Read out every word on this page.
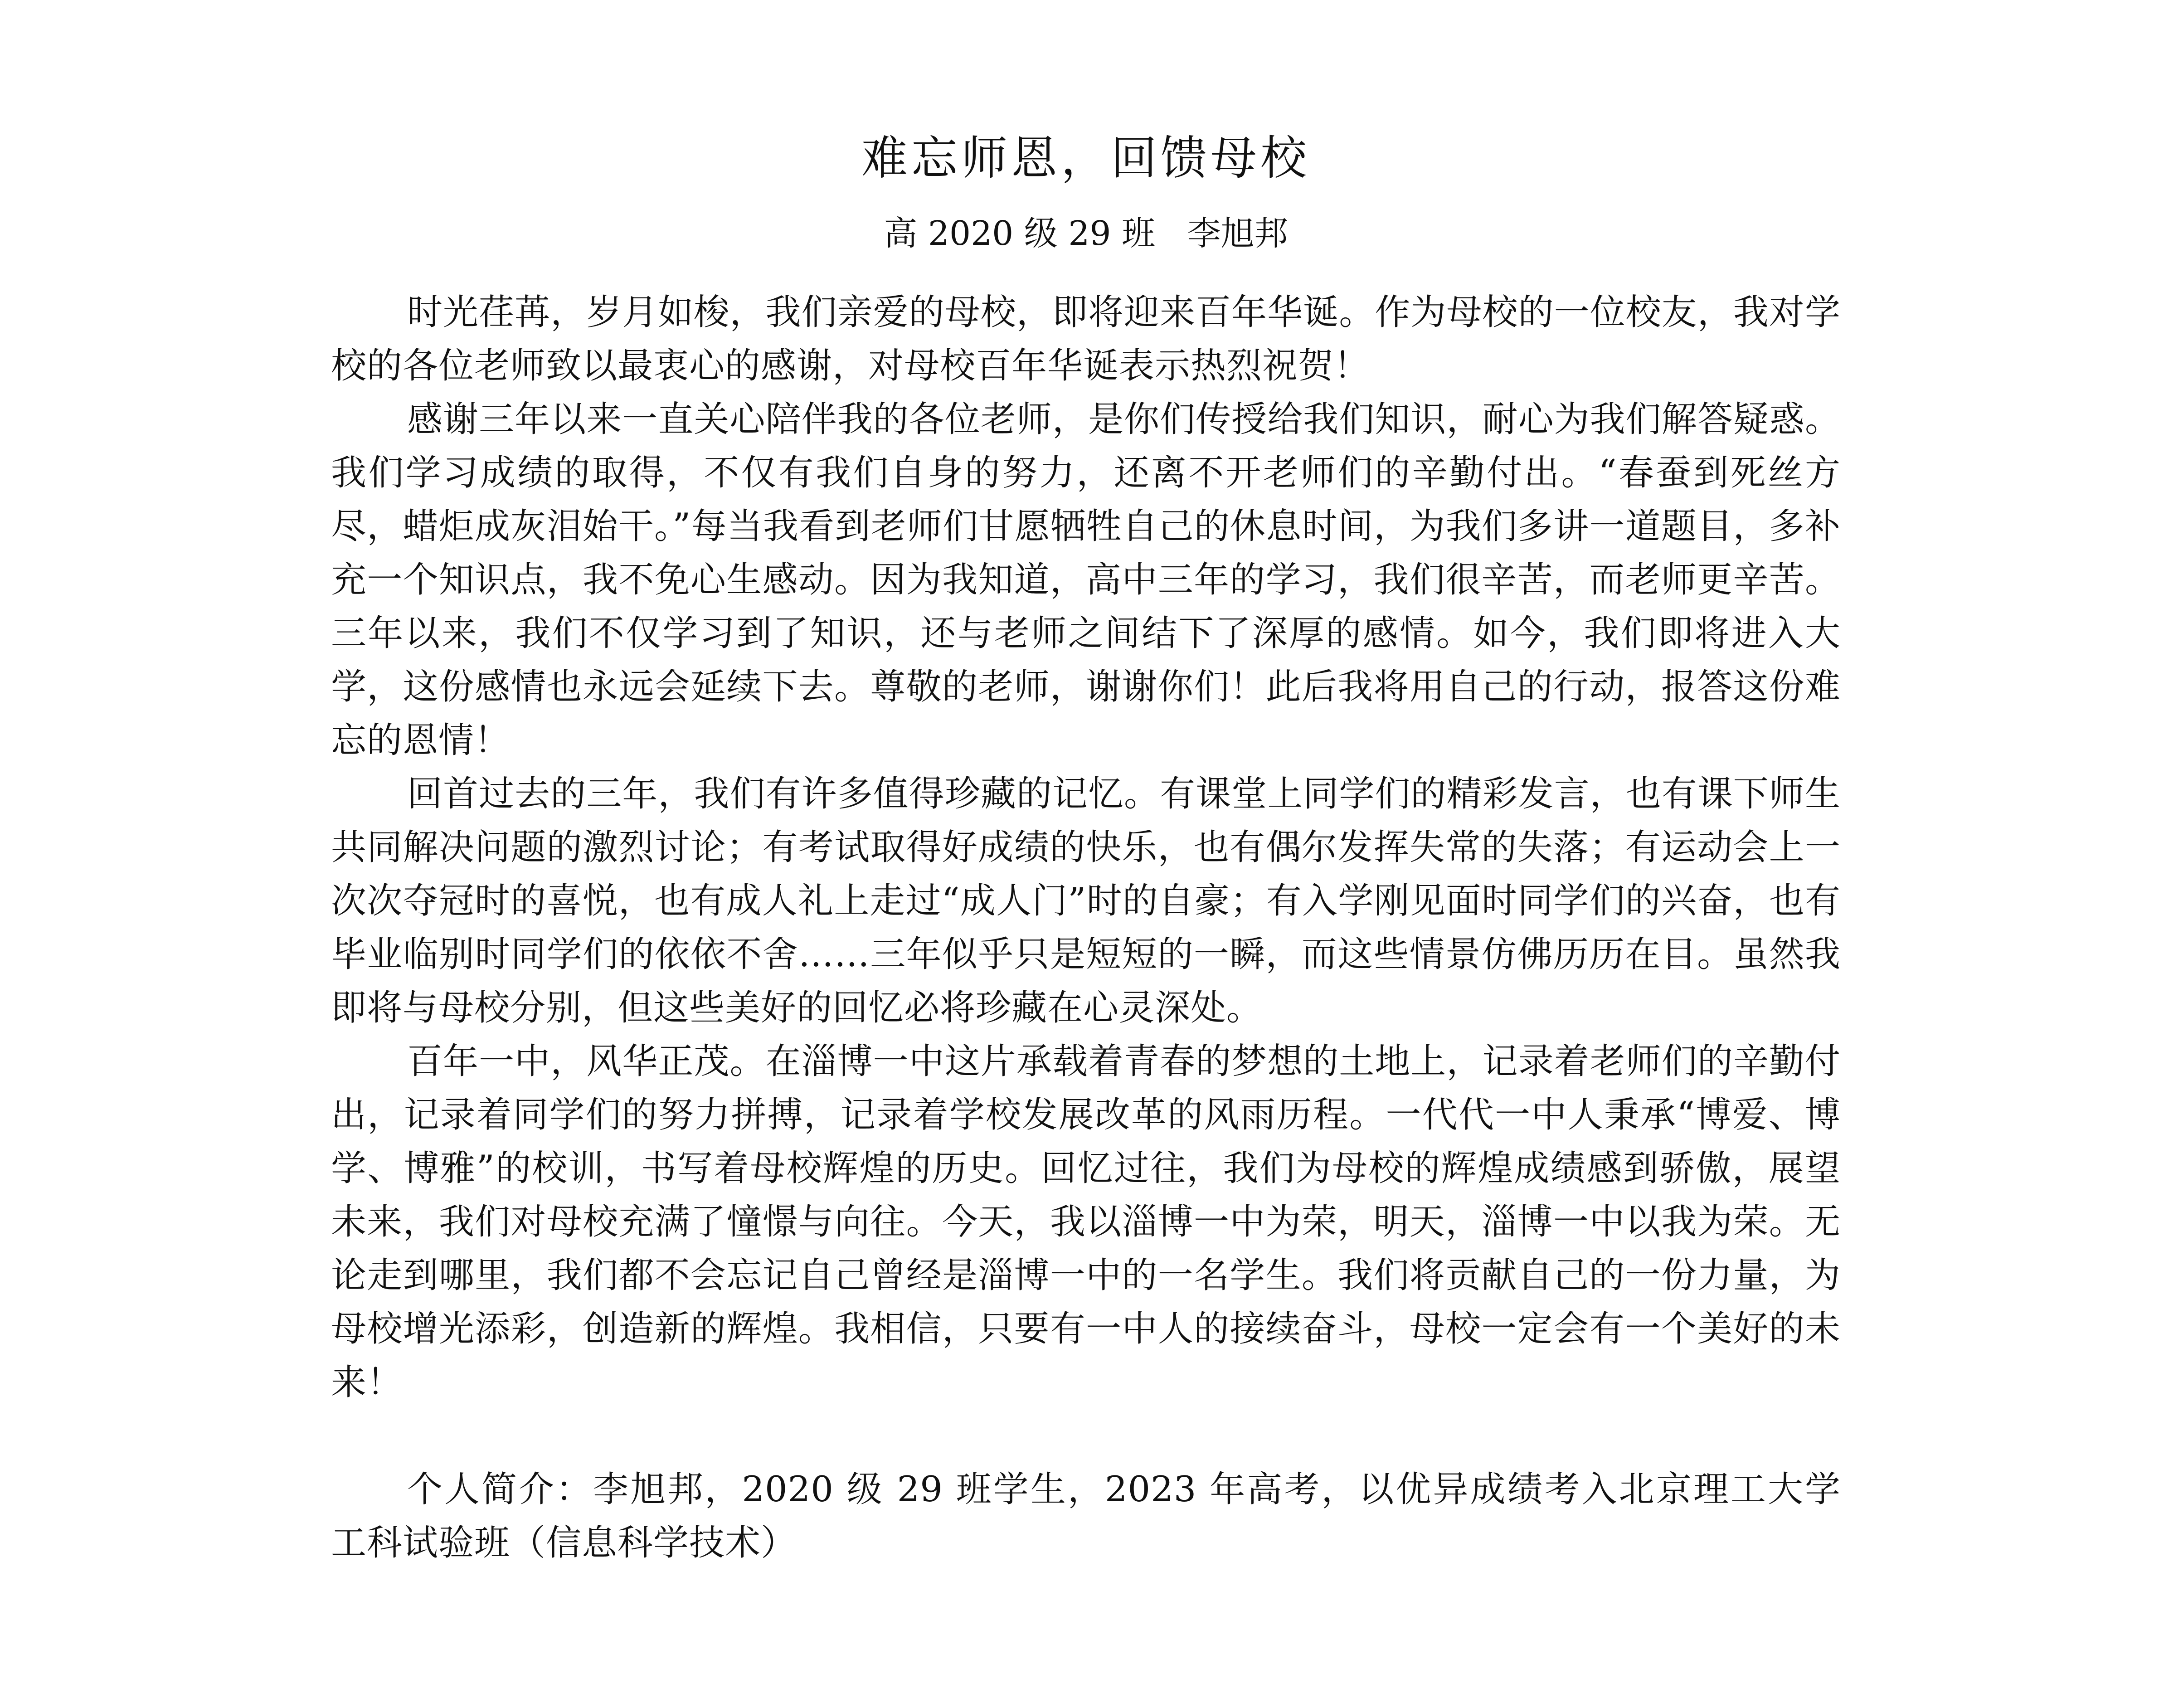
难忘师恩，回馈母校
高 2020 级 29 班   李旭邦

时光荏苒，岁月如梭，我们亲爱的母校，即将迎来百年华诞。作为母校的一位校友，我对学校的各位老师致以最衷心的感谢，对母校百年华诞表示热烈祝贺！

感谢三年以来一直关心陪伴我的各位老师，是你们传授给我们知识，耐心为我们解答疑惑。我们学习成绩的取得，不仅有我们自身的努力，还离不开老师们的辛勤付出。“春蚕到死丝方尽，蜡炬成灰泪始干。”每当我看到老师们甘愿牺牲自己的休息时间，为我们多讲一道题目，多补充一个知识点，我不免心生感动。因为我知道，高中三年的学习，我们很辛苦，而老师更辛苦。三年以来，我们不仅学习到了知识，还与老师之间结下了深厚的感情。如今，我们即将进入大学，这份感情也永远会延续下去。尊敬的老师，谢谢你们！此后我将用自己的行动，报答这份难忘的恩情！

回首过去的三年，我们有许多值得珍藏的记忆。有课堂上同学们的精彩发言，也有课下师生共同解决问题的激烈讨论；有考试取得好成绩的快乐，也有偶尔发挥失常的失落；有运动会上一次次夺冠时的喜悦，也有成人礼上走过“成人门”时的自豪；有入学刚见面时同学们的兴奋，也有毕业临别时同学们的依依不舍……三年似乎只是短短的一瞬，而这些情景仿佛历历在目。虽然我即将与母校分别，但这些美好的回忆必将珍藏在心灵深处。

百年一中，风华正茂。在淄博一中这片承载着青春的梦想的土地上，记录着老师们的辛勤付出，记录着同学们的努力拼搏，记录着学校发展改革的风雨历程。一代代一中人秉承“博爱、博学、博雅”的校训，书写着母校辉煌的历史。回忆过往，我们为母校的辉煌成绩感到骄傲，展望未来，我们对母校充满了憧憬与向往。今天，我以淄博一中为荣，明天，淄博一中以我为荣。无论走到哪里，我们都不会忘记自己曾经是淄博一中的一名学生。我们将贡献自己的一份力量，为母校增光添彩，创造新的辉煌。我相信，只要有一中人的接续奋斗，母校一定会有一个美好的未来！

个人简介：李旭邦，2020 级 29 班学生，2023 年高考，以优异成绩考入北京理工大学 工科试验班（信息科学技术）
